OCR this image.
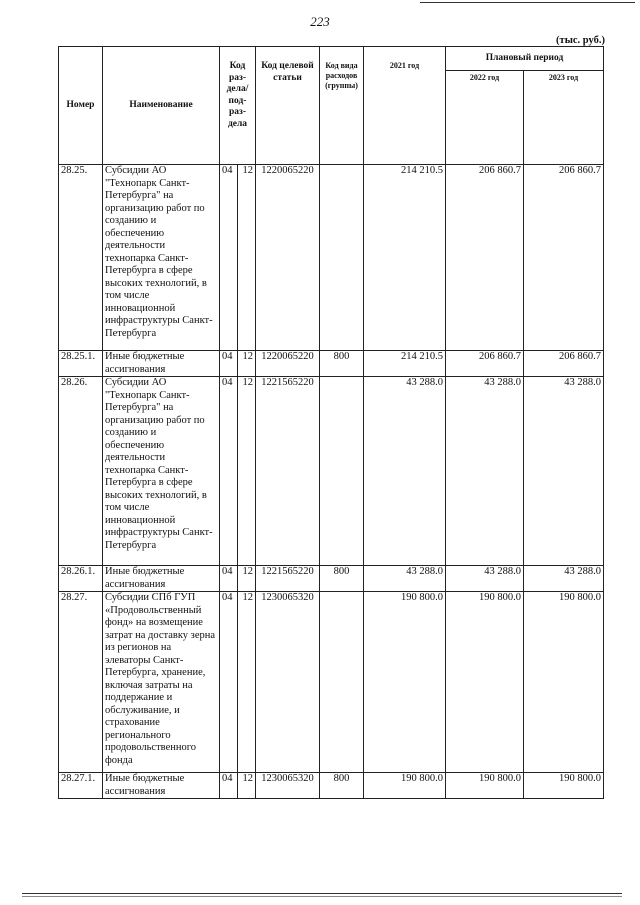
223
(тыс. руб.)
Номер	Наименование	Код раз-дела/ под-раз-дела		Код целевой статьи	Код вида расходов (группы)	2021 год	Плановый период	
							2022 год	2023 год
28.25.	Субсидии АО "Технопарк Санкт-Петербурга" на организацию работ по созданию и обеспечению деятельности технопарка Санкт-Петербурга в сфере высоких технологий, в том числе инновационной инфраструктуры Санкт-Петербурга	04	12	1220065220		214 210.5	206 860.7	206 860.7
28.25.1.	Иные бюджетные ассигнования	04	12	1220065220	800	214 210.5	206 860.7	206 860.7
28.26.	Субсидии АО "Технопарк Санкт-Петербурга" на организацию работ по созданию и обеспечению деятельности технопарка Санкт-Петербурга в сфере высоких технологий, в том числе инновационной инфраструктуры Санкт-Петербурга	04	12	1221565220		43 288.0	43 288.0	43 288.0
28.26.1.	Иные бюджетные ассигнования	04	12	1221565220	800	43 288.0	43 288.0	43 288.0
28.27.	Субсидии СПб ГУП «Продовольственный фонд» на возмещение затрат на доставку зерна из регионов на элеваторы Санкт-Петербурга, хранение, включая затраты на поддержание и обслуживание, и страхование регионального продовольственного фонда	04	12	1230065320		190 800.0	190 800.0	190 800.0
28.27.1.	Иные бюджетные ассигнования	04	12	1230065320	800	190 800.0	190 800.0	190 800.0
